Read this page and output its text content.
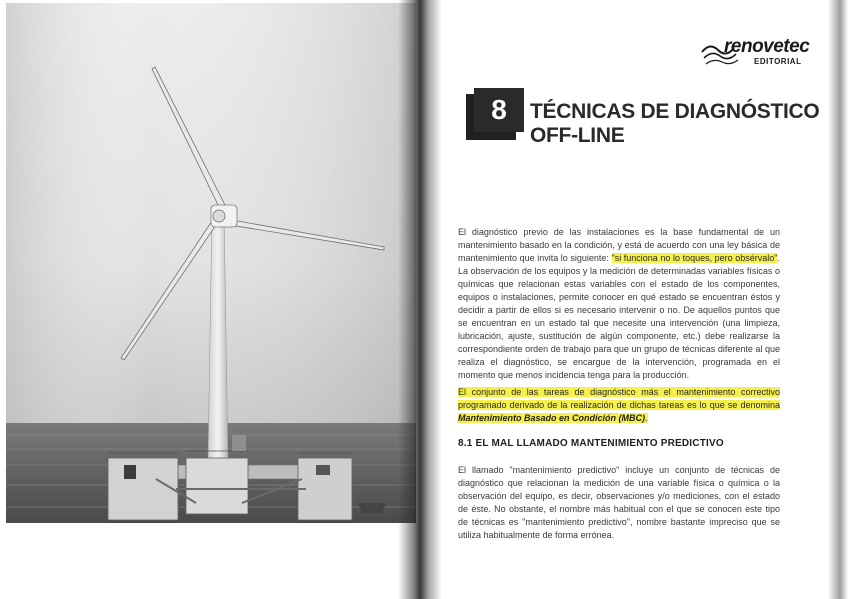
renovetec
EDITORIAL
8	TÉCNICAS DE DIAGNÓSTICO
OFF-LINE

El diagnóstico previo de las instalaciones es la base fundamental de un mantenimiento basado en la condición, y está de acuerdo con una ley básica de mantenimiento que invita lo siguiente: "si funciona no lo toques, pero obsérvalo". La observación de los equipos y la medición de determinadas variables físicas o químicas que relacionan estas variables con el estado de los componentes, equipos o instalaciones, permite conocer en qué estado se encuentran éstos y decidir a partir de ellos si es necesario intervenir o no. De aquellos puntos que se encuentran en un estado tal que necesite una intervención (una limpieza, lubricación, ajuste, sustitución de algún componente, etc.) debe realizarse la correspondiente orden de trabajo para que un grupo de técnicas diferente al que realiza el diagnóstico, se encargue de la intervención, programada en el momento que menos incidencia tenga para la producción.

El conjunto de las tareas de diagnóstico más el mantenimiento correctivo programado derivado de la realización de dichas tareas es lo que se denomina Mantenimiento Basado en Condición (MBC).

8.1 EL MAL LLAMADO MANTENIMIENTO PREDICTIVO

El llamado "mantenimiento predictivo" incluye un conjunto de técnicas de diagnóstico que relacionan la medición de una variable física o química o la observación del equipo, es decir, observaciones y/o mediciones, con el estado de éste. No obstante, el nombre más habitual con el que se conocen este tipo de técnicas es "mantenimiento predictivo", nombre bastante impreciso que se utiliza habitualmente de forma errónea.
